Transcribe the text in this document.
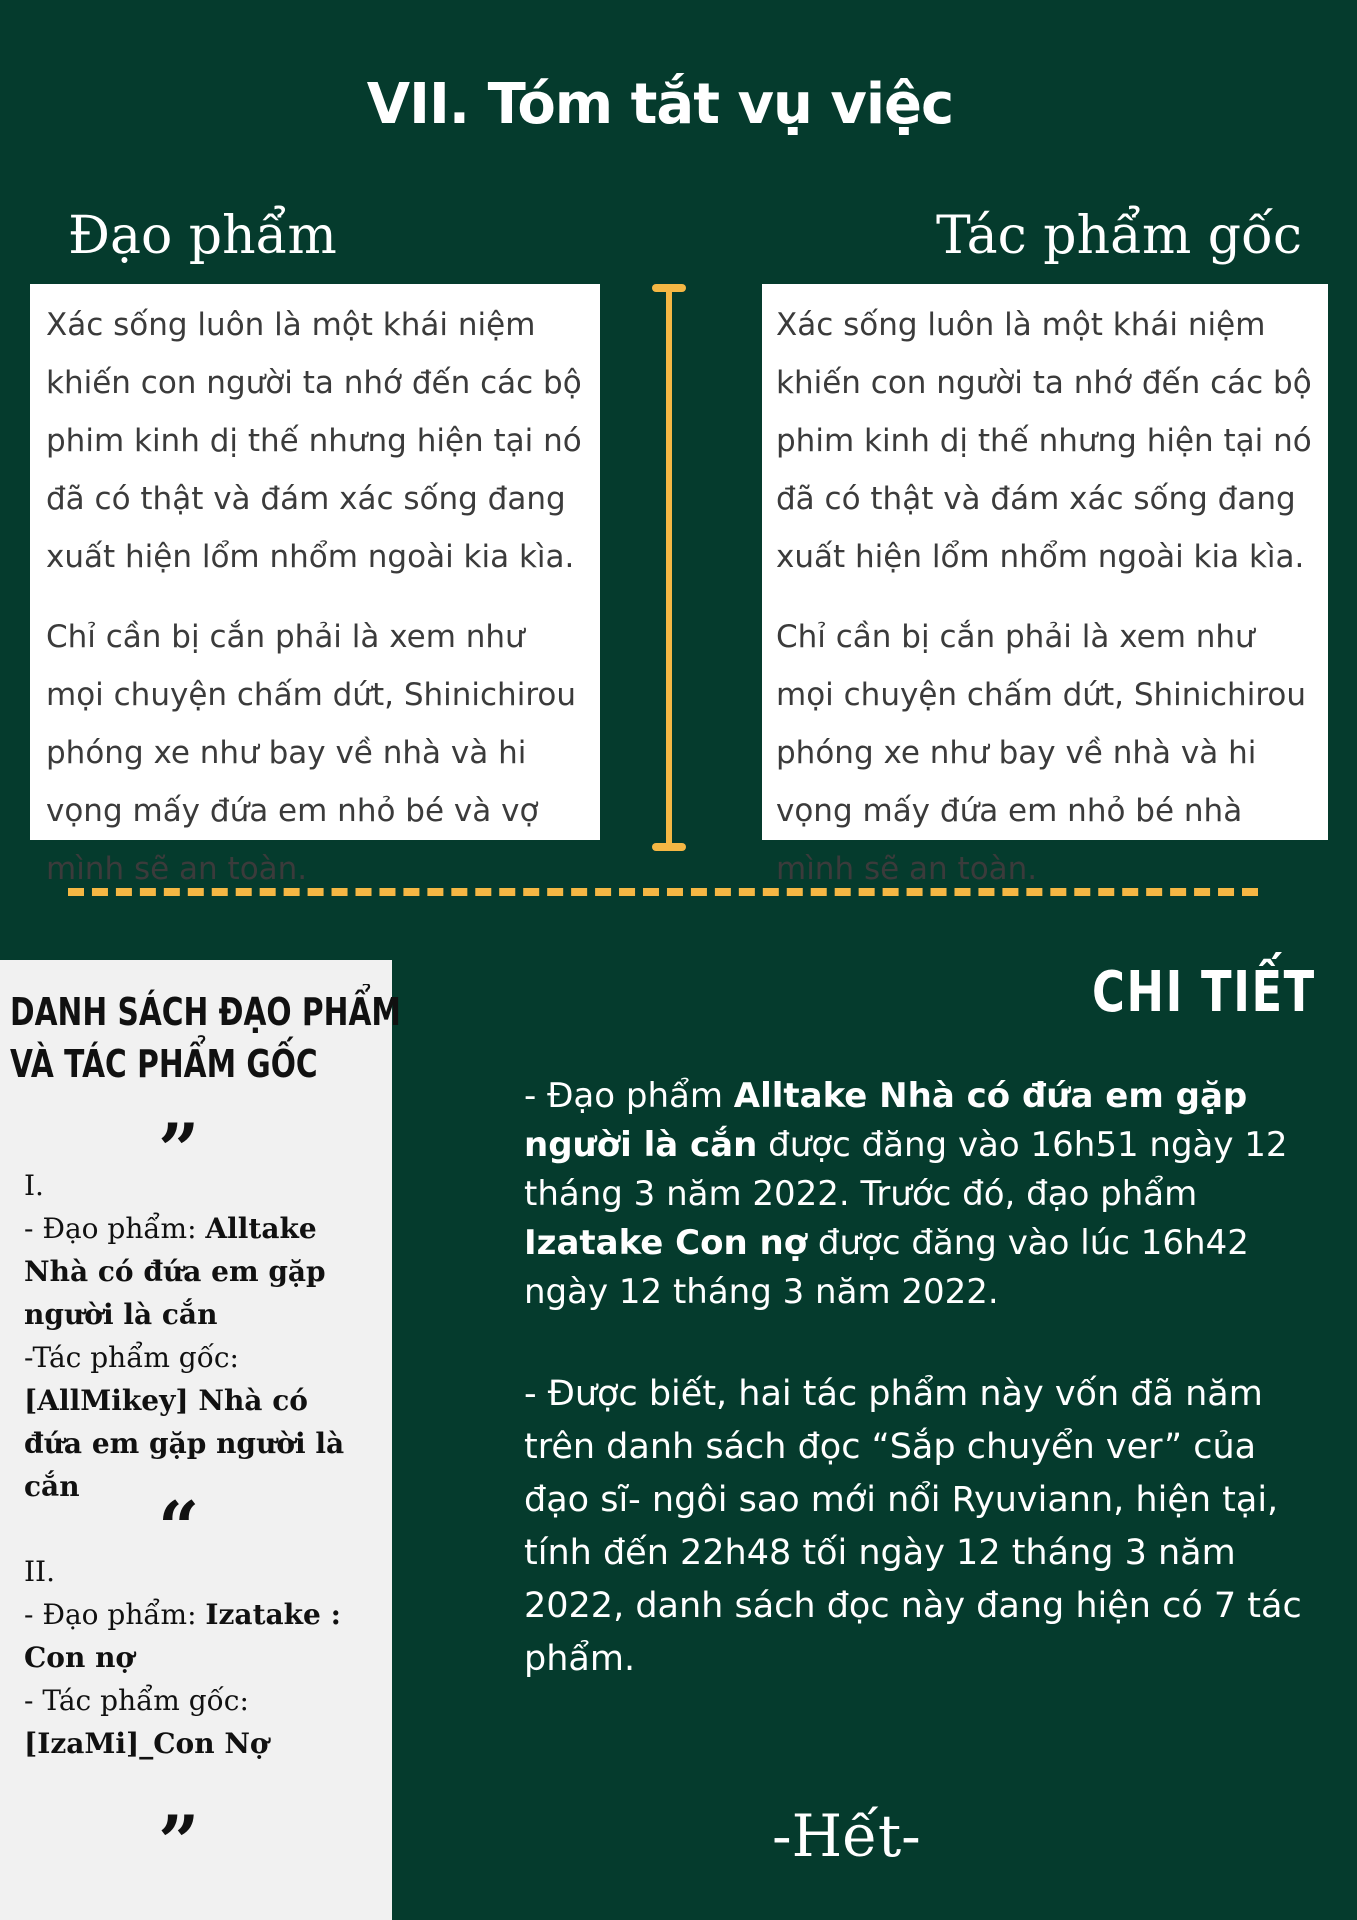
VII. Tóm tắt vụ việc
Đạo phẩm	Tác phẩm gốc

Xác sống luôn là một khái niệm khiến con người ta nhớ đến các bộ phim kinh dị thế nhưng hiện tại nó đã có thật và đám xác sống đang xuất hiện lổm nhổm ngoài kia kìa.

Chỉ cần bị cắn phải là xem như mọi chuyện chấm dứt, Shinichirou phóng xe như bay về nhà và hi vọng mấy đứa em nhỏ bé và vợ mình sẽ an toàn.

Xác sống luôn là một khái niệm khiến con người ta nhớ đến các bộ phim kinh dị thế nhưng hiện tại nó đã có thật và đám xác sống đang xuất hiện lổm nhổm ngoài kia kìa.

Chỉ cần bị cắn phải là xem như mọi chuyện chấm dứt, Shinichirou phóng xe như bay về nhà và hi vọng mấy đứa em nhỏ bé nhà mình sẽ an toàn.

DANH SÁCH ĐẠO PHẨM
VÀ TÁC PHẨM GỐC
”
I.
- Đạo phẩm: Alltake Nhà có đứa em gặp người là cắn
-Tác phẩm gốc:
[AllMikey] Nhà có đứa em gặp người là cắn	“
II.
- Đạo phẩm: Izatake : Con nợ
- Tác phẩm gốc:
[IzaMi]_Con Nợ
”
CHI TIẾT
- Đạo phẩm Alltake Nhà có đứa em gặp người là cắn được đăng vào 16h51 ngày 12 tháng 3 năm 2022. Trước đó, đạo phẩm Izatake Con nợ được đăng vào lúc 16h42 ngày 12 tháng 3 năm 2022.
- Được biết, hai tác phẩm này vốn đã năm trên danh sách đọc “Sắp chuyển ver” của đạo sĩ- ngôi sao mới nổi Ryuviann, hiện tại, tính đến 22h48 tối ngày 12 tháng 3 năm 2022, danh sách đọc này đang hiện có 7 tác phẩm.
-Hết-
